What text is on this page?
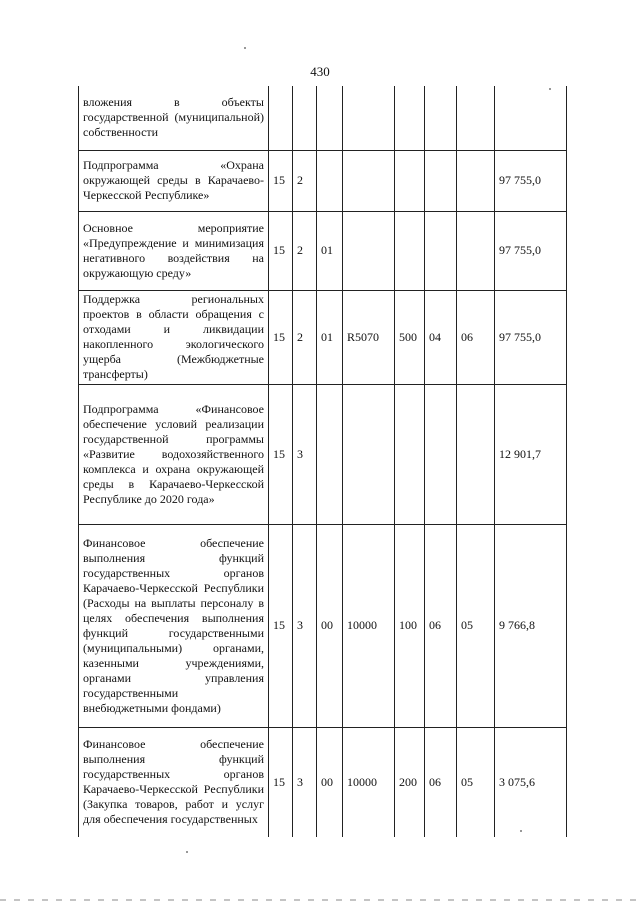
430
вложения в объекты государственной (муниципальной) собственности								
Подпрограмма «Охрана окружающей среды в Карачаево-Черкесской Республике»	15	2						97 755,0
Основное мероприятие «Предупреждение и минимизация негативного воздействия на окружающую среду»	15	2	01					97 755,0
Поддержка региональных проектов в области обращения с отходами и ликвидации накопленного экологического ущерба (Межбюджетные трансферты)	15	2	01	R5070	500	04	06	97 755,0
Подпрограмма «Финансовое обеспечение условий реализации государственной программы «Развитие водохозяйственного комплекса и охрана окружающей среды в Карачаево-Черкесской Республике до 2020 года»	15	3						12 901,7
Финансовое обеспечение выполнения функций государственных органов Карачаево-Черкесской Республики (Расходы на выплаты персоналу в целях обеспечения выполнения функций государственными (муниципальными) органами, казенными учреждениями, органами управления государственными внебюджетными фондами)	15	3	00	10000	100	06	05	9 766,8
Финансовое обеспечение выполнения функций государственных органов Карачаево-Черкесской Республики (Закупка товаров, работ и услуг для обеспечения государственных	15	3	00	10000	200	06	05	3 075,6
